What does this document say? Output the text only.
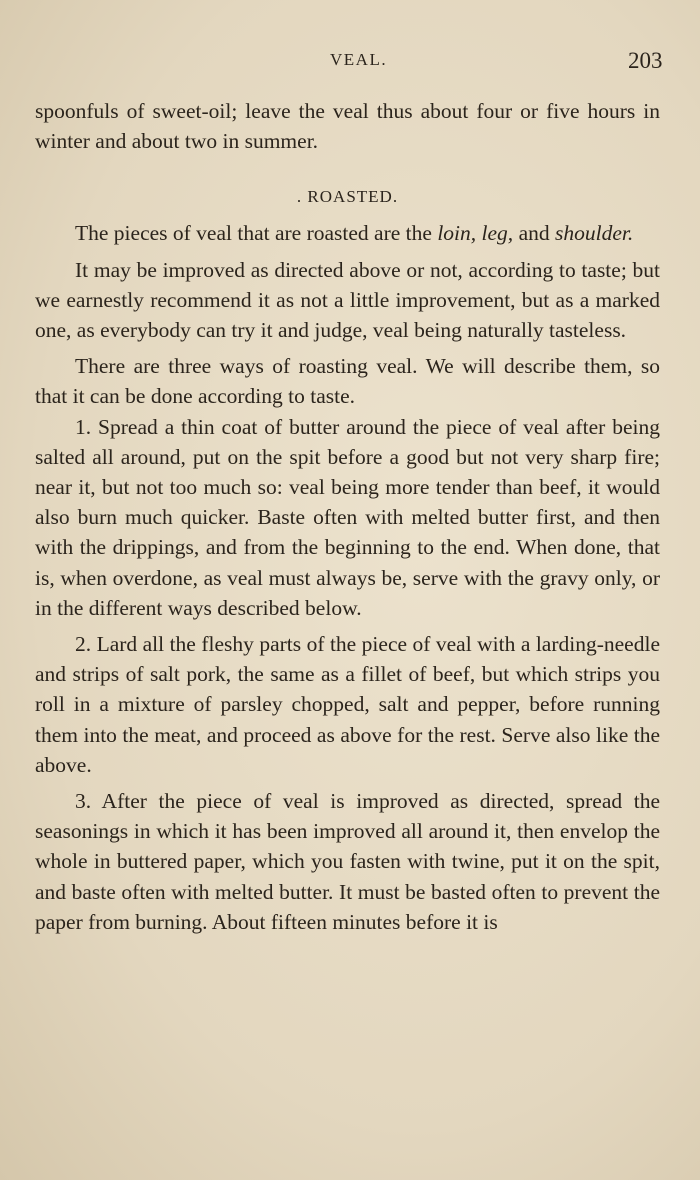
VEAL.	203

spoonfuls of sweet-oil; leave the veal thus about four or five hours in winter and about two in summer.

. ROASTED.

The pieces of veal that are roasted are the loin, leg, and shoulder.

It may be improved as directed above or not, according to taste; but we earnestly recommend it as not a little improvement, but as a marked one, as everybody can try it and judge, veal being naturally tasteless.

There are three ways of roasting veal. We will describe them, so that it can be done according to taste.

1. Spread a thin coat of butter around the piece of veal after being salted all around, put on the spit before a good but not very sharp fire; near it, but not too much so: veal being more tender than beef, it would also burn much quicker. Baste often with melted butter first, and then with the drippings, and from the beginning to the end. When done, that is, when overdone, as veal must always be, serve with the gravy only, or in the different ways described below.

2. Lard all the fleshy parts of the piece of veal with a larding-needle and strips of salt pork, the same as a fillet of beef, but which strips you roll in a mixture of parsley chopped, salt and pepper, before running them into the meat, and proceed as above for the rest. Serve also like the above.

3. After the piece of veal is improved as directed, spread the seasonings in which it has been improved all around it, then envelop the whole in buttered paper, which you fasten with twine, put it on the spit, and baste often with melted butter. It must be basted often to prevent the paper from burning. About fifteen minutes before it is
